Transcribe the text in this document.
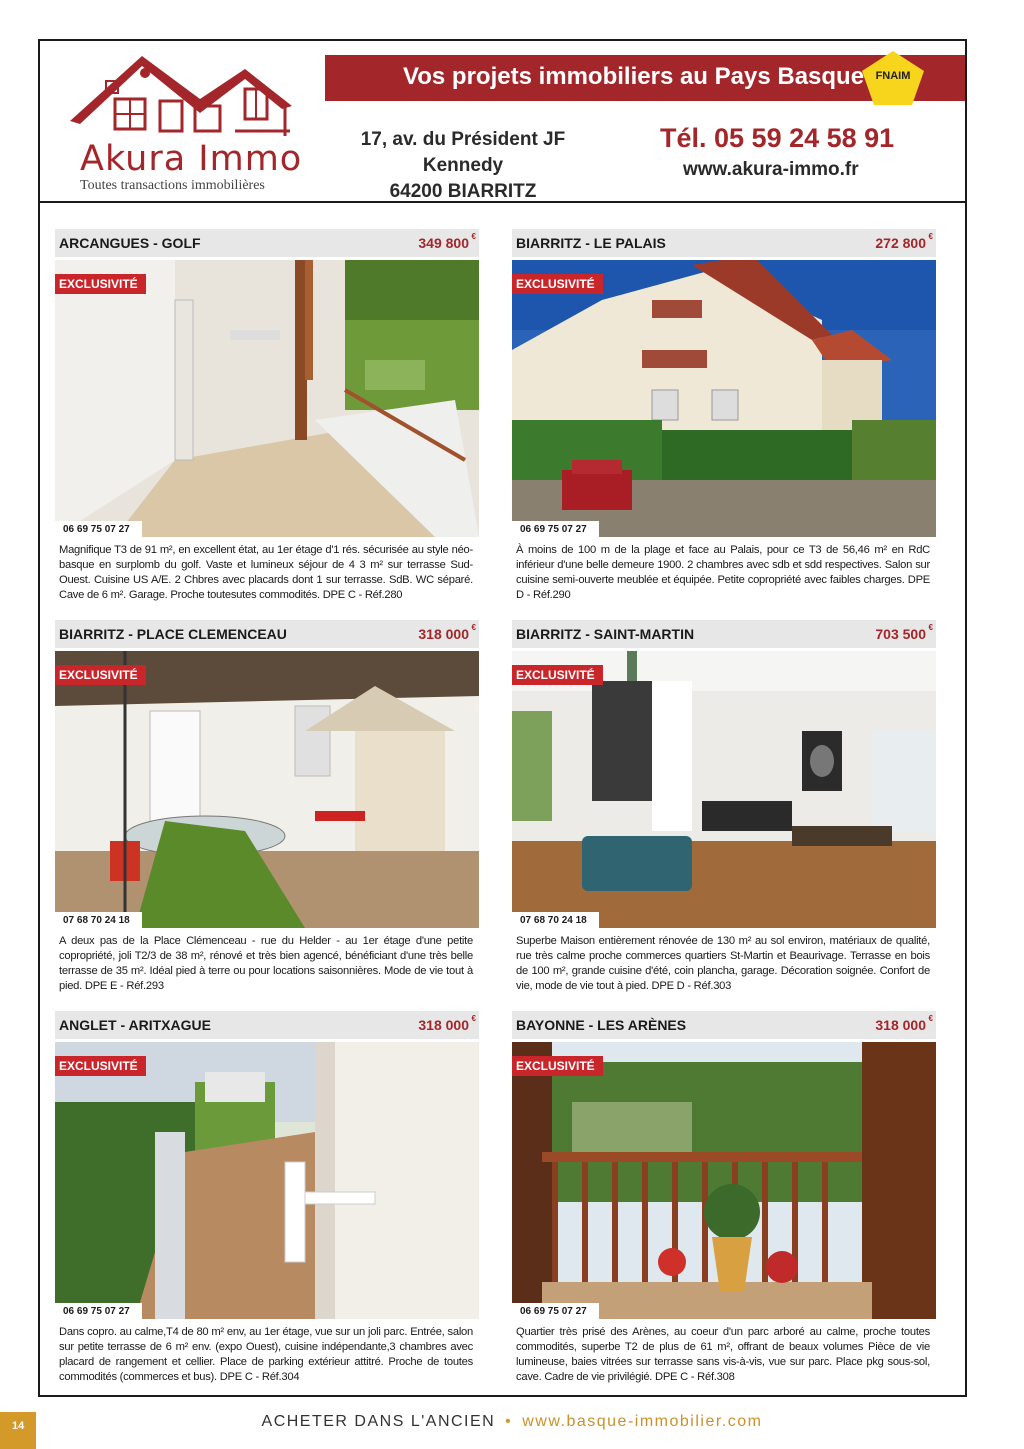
Akura Immo
Toutes transactions immobilières
Vos projets immobiliers au Pays Basque	FNAIM
17, av. du Président JF Kennedy
64200 BIARRITZ
Tél. 05 59 24 58 91
www.akura-immo.fr
ARCANGUES - GOLF	349 800 €
EXCLUSIVITÉ
06 69 75 07 27
Magnifique T3 de 91 m², en excellent état, au 1er étage d'1 rés. sécurisée au style néo-basque en surplomb du golf. Vaste et lumineux séjour de 4 3 m² sur terrasse Sud-Ouest. Cuisine US A/E. 2 Chbres avec placards dont 1 sur terrasse. SdB. WC séparé. Cave de 6 m². Garage. Proche toutesutes commodités. DPE C - Réf.280
BIARRITZ - LE PALAIS	272 800 €
EXCLUSIVITÉ
06 69 75 07 27
À moins de 100 m de la plage et face au Palais, pour ce T3 de 56,46 m² en RdC inférieur d'une belle demeure 1900. 2 chambres avec sdb et sdd respectives. Salon sur cuisine semi-ouverte meublée et équipée. Petite copropriété avec faibles charges. DPE D - Réf.290
BIARRITZ - PLACE CLEMENCEAU	318 000 €
EXCLUSIVITÉ
07 68 70 24 18
A deux pas de la Place Clémenceau - rue du Helder - au 1er étage d'une petite copropriété, joli T2/3 de 38 m², rénové et très bien agencé, bénéficiant d'une très belle terrasse de 35 m². Idéal pied à terre ou pour locations saisonnières. Mode de vie tout à pied. DPE E - Réf.293
BIARRITZ - SAINT-MARTIN	703 500 €
EXCLUSIVITÉ
07 68 70 24 18
Superbe Maison entièrement rénovée de 130 m² au sol environ, matériaux de qualité, rue très calme proche commerces quartiers St-Martin et Beaurivage. Terrasse en bois de 100 m², grande cuisine d'été, coin plancha, garage. Décoration soignée. Confort de vie, mode de vie tout à pied. DPE D - Réf.303
ANGLET - ARITXAGUE	318 000 €
EXCLUSIVITÉ
06 69 75 07 27
Dans copro. au calme,T4 de 80 m² env, au 1er étage, vue sur un joli parc. Entrée, salon sur petite terrasse de 6 m² env. (expo Ouest), cuisine indépendante,3 chambres avec placard de rangement et cellier. Place de parking extérieur attitré. Proche de toutes commodités (commerces et bus). DPE C - Réf.304
BAYONNE - LES ARÈNES	318 000 €
EXCLUSIVITÉ
06 69 75 07 27
Quartier très prisé des Arènes, au coeur d'un parc arboré au calme, proche toutes commodités, superbe T2 de plus de 61 m², offrant de beaux volumes Pièce de vie lumineuse, baies vitrées sur terrasse sans vis-à-vis, vue sur parc. Place pkg sous-sol, cave. Cadre de vie privilégié. DPE C - Réf.308
14	ACHETER DANS L'ANCIEN • www.basque-immobilier.com
